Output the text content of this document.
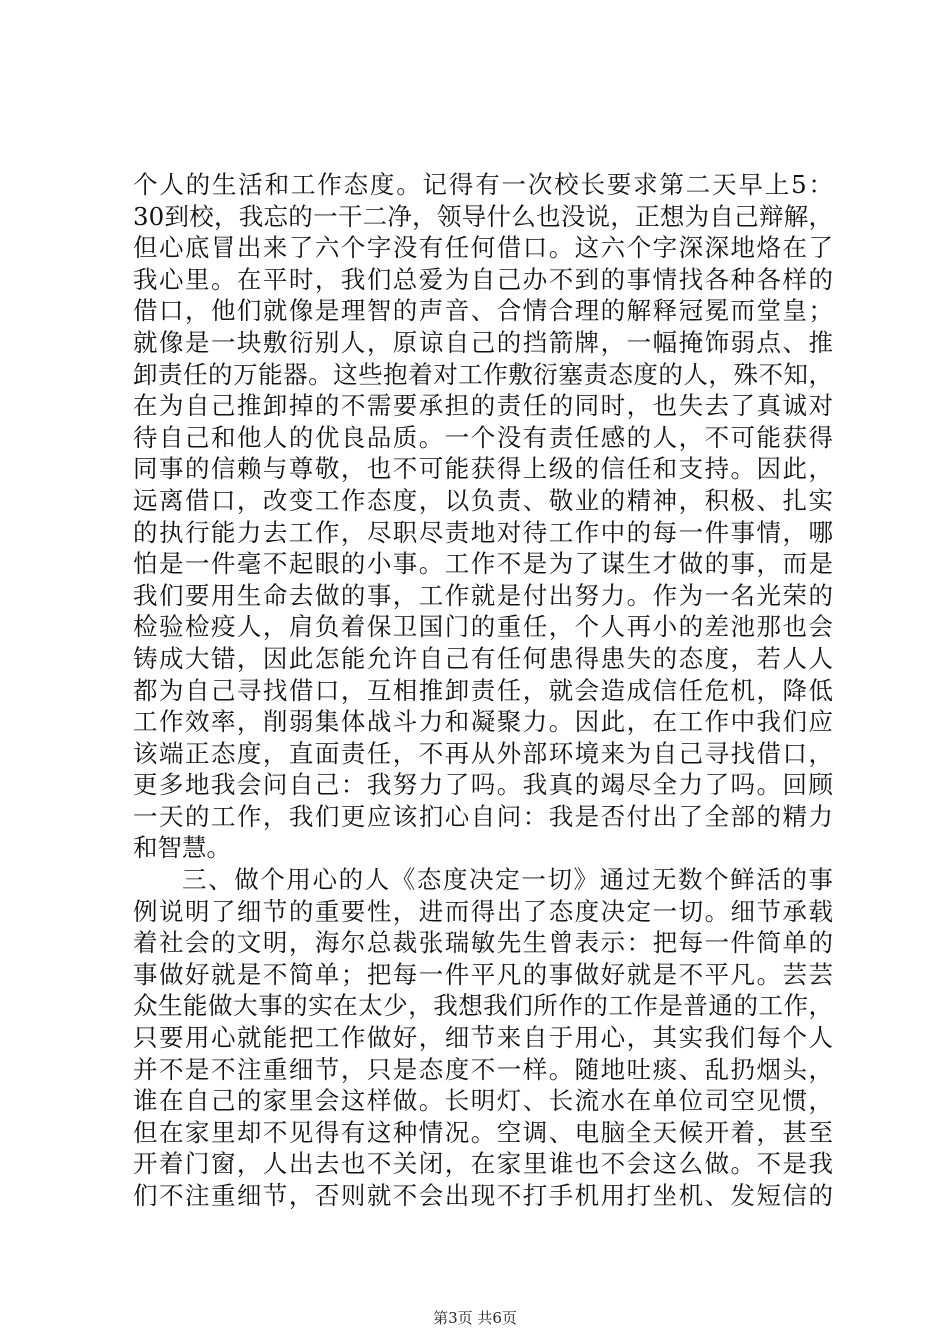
个人的生活和工作态度。记得有一次校长要求第二天早上5：
30到校，我忘的一干二净，领导什么也没说，正想为自己辩解，
但心底冒出来了六个字没有任何借口。这六个字深深地烙在了
我心里。在平时，我们总爱为自己办不到的事情找各种各样的
借口，他们就像是理智的声音、合情合理的解释冠冕而堂皇；
就像是一块敷衍别人，原谅自己的挡箭牌，一幅掩饰弱点、推
卸责任的万能器。这些抱着对工作敷衍塞责态度的人，殊不知，
在为自己推卸掉的不需要承担的责任的同时，也失去了真诚对
待自己和他人的优良品质。一个没有责任感的人，不可能获得
同事的信赖与尊敬，也不可能获得上级的信任和支持。因此，
远离借口，改变工作态度，以负责、敬业的精神，积极、扎实
的执行能力去工作，尽职尽责地对待工作中的每一件事情，哪
怕是一件毫不起眼的小事。工作不是为了谋生才做的事，而是
我们要用生命去做的事，工作就是付出努力。作为一名光荣的
检验检疫人，肩负着保卫国门的重任，个人再小的差池那也会
铸成大错，因此怎能允许自己有任何患得患失的态度，若人人
都为自己寻找借口，互相推卸责任，就会造成信任危机，降低
工作效率，削弱集体战斗力和凝聚力。因此，在工作中我们应
该端正态度，直面责任，不再从外部环境来为自己寻找借口，
更多地我会问自己：我努力了吗。我真的竭尽全力了吗。回顾
一天的工作，我们更应该扪心自问：我是否付出了全部的精力
和智慧。
三、做个用心的人《态度决定一切》通过无数个鲜活的事
例说明了细节的重要性，进而得出了态度决定一切。细节承载
着社会的文明，海尔总裁张瑞敏先生曾表示：把每一件简单的
事做好就是不简单；把每一件平凡的事做好就是不平凡。芸芸
众生能做大事的实在太少，我想我们所作的工作是普通的工作，
只要用心就能把工作做好，细节来自于用心，其实我们每个人
并不是不注重细节，只是态度不一样。随地吐痰、乱扔烟头，
谁在自己的家里会这样做。长明灯、长流水在单位司空见惯，
但在家里却不见得有这种情况。空调、电脑全天候开着，甚至
开着门窗，人出去也不关闭，在家里谁也不会这么做。不是我
们不注重细节，否则就不会出现不打手机用打坐机、发短信的
第3页 共6页
